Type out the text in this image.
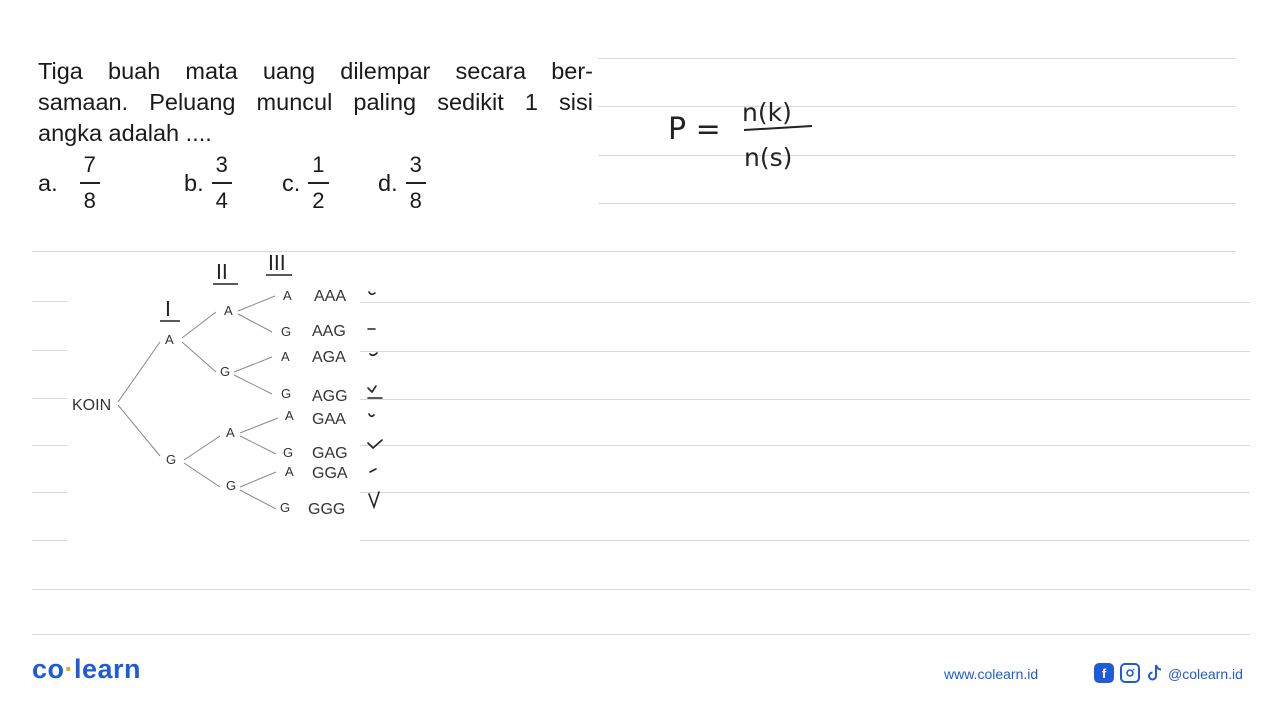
Tiga buah mata uang dilempar secara ber-
samaan. Peluang muncul paling sedikit 1 sisi
angka adalah ....
a. $\frac{7}{8}$	b. $\frac{3}{4} c$. $\frac{1}{2} d$. $\frac{3}{8}$
P = n(k)
n(s)
I
II III
KOIN
A
G
A
G
A
G
A
G
A
G
A
G
A
G
AAA
AAG
AGA
AGG
GAA
GAG
GGA
GGG
co·learn	www.colearn.id	f	@colearn.id
